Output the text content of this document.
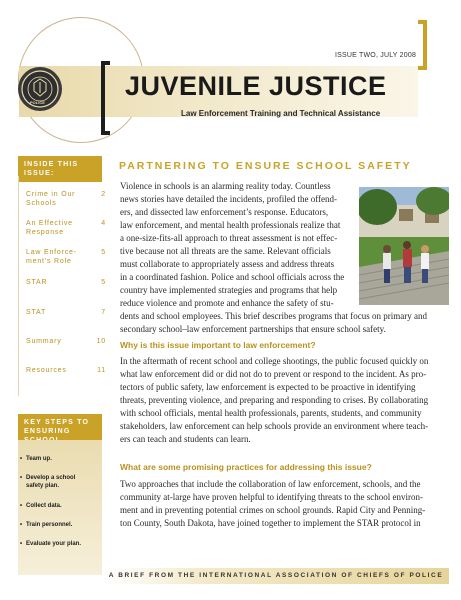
POLICE
ISSUE TWO, JULY 2008
JUVENILE JUSTICE
Law Enforcement Training and Technical Assistance
INSIDE THIS
ISSUE:
Crime in Our
Schools
2
An Effective
Response
4
Law Enforce-
ment’s Role
5
STAR	5
STAT	7
Summary	10
Resources	11
KEY STEPS TO
ENSURING
• Team up.
• Develop a school
safety plan.
• Collect data.
• Train personnel.
• Evaluate your plan.
PARTNERING TO ENSURE SCHOOL SAFETY
Violence in schools is an alarming reality today. Countless
news stories have detailed the incidents, profiled the offend-
ers, and dissected law enforcement’s response. Educators,
law enforcement, and mental health professionals realize that
a one-size-fits-all approach to threat assessment is not effec-
tive because not all threats are the same. Relevant officials
must collaborate to appropriately assess and address threats
in a coordinated fashion. Police and school officials across the
country have implemented strategies and programs that help
reduce violence and promote and enhance the safety of stu-
dents and school employees. This brief describes programs that focus on primary and
secondary school–law enforcement partnerships that ensure school safety.
Why is this issue important to law enforcement?
In the aftermath of recent school and college shootings, the public focused quickly on
what law enforcement did or did not do to prevent or respond to the incident. As pro-
tectors of public safety, law enforcement is expected to be proactive in identifying
threats, preventing violence, and preparing and responding to crises. By collaborating
with school officials, mental health professionals, parents, students, and community
stakeholders, law enforcement can help schools provide an environment where teach-
ers can teach and students can learn.
What are some promising practices for addressing this issue?
Two approaches that include the collaboration of law enforcement, schools, and the
community at-large have proven helpful to identifying threats to the school environ-
ment and in preventing potential crimes on school grounds. Rapid City and Penning-
ton County, South Dakota, have joined together to implement the STAR protocol in
A BRIEF FROM THE INTERNATIONAL ASSOCIATION OF CHIEFS OF POLICE
